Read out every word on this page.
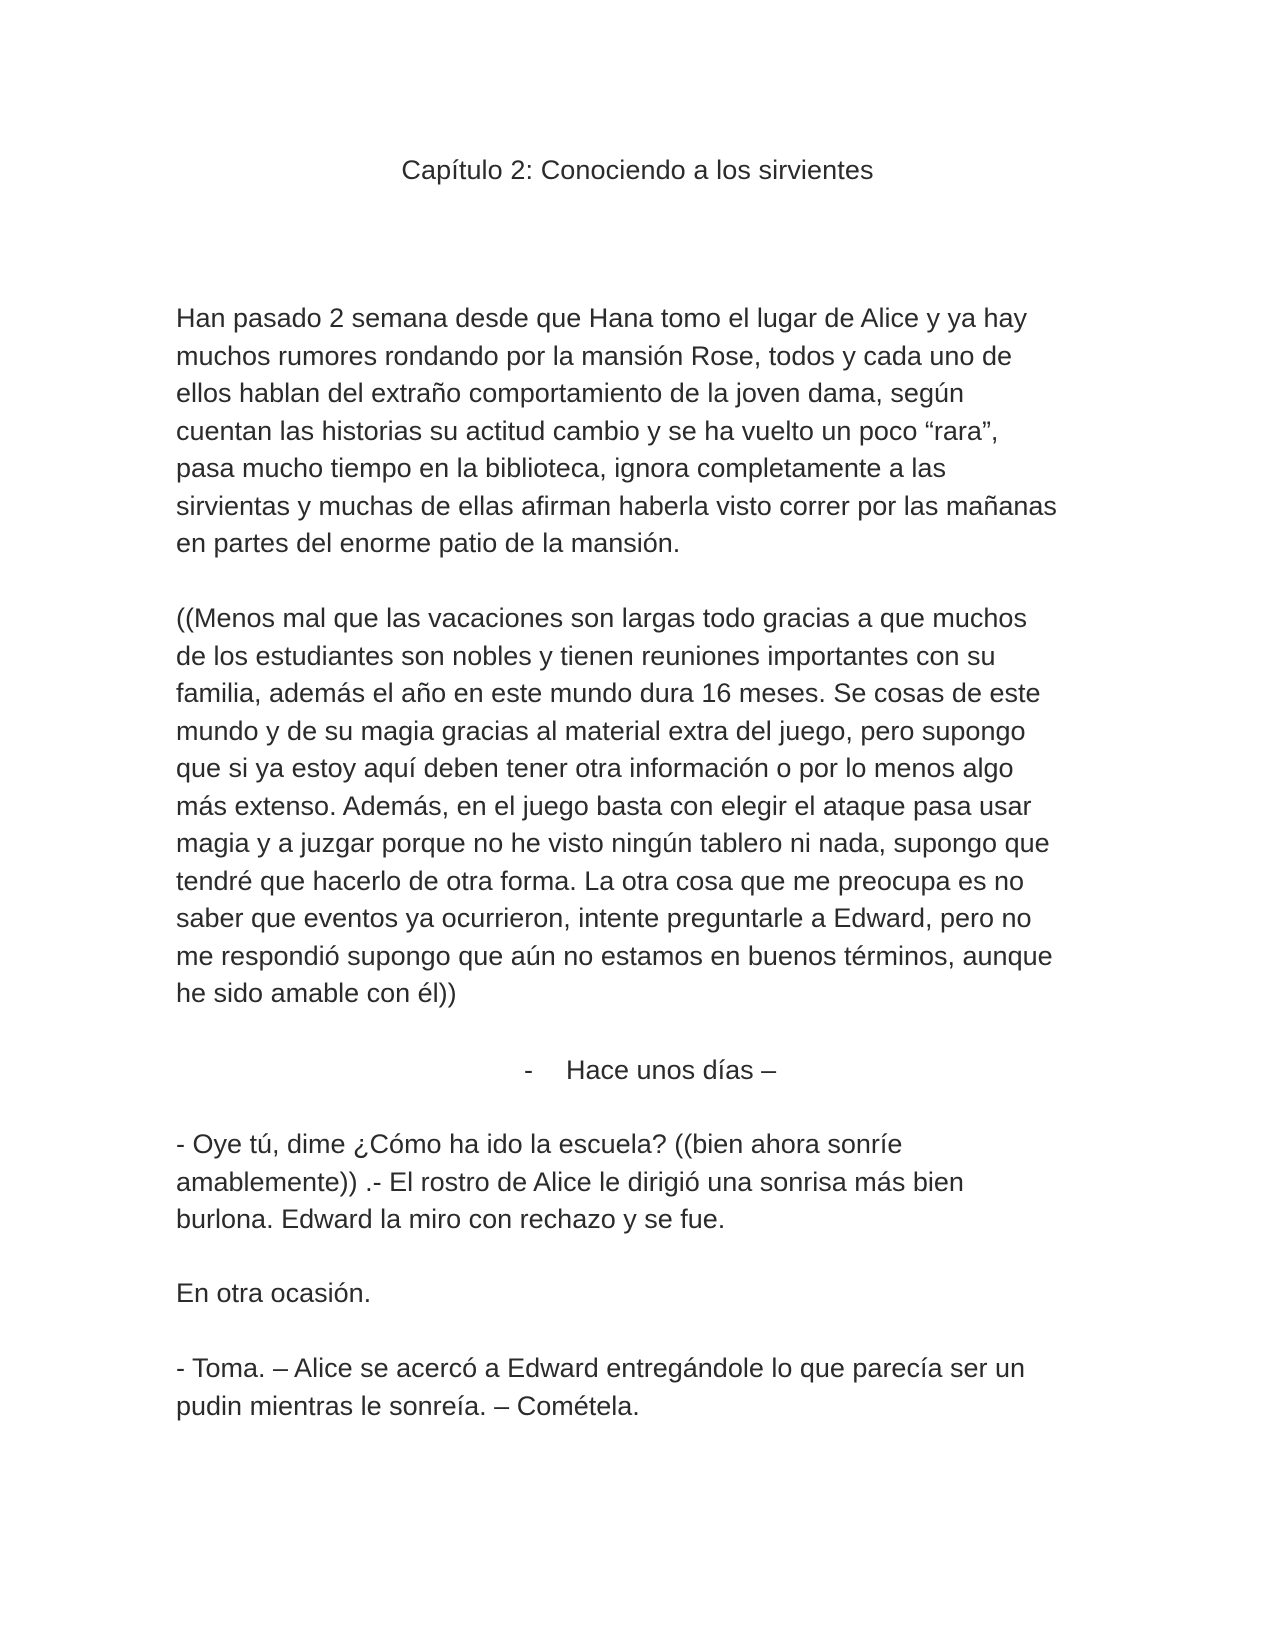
Capítulo 2: Conociendo a los sirvientes

Han pasado 2 semana desde que Hana tomo el lugar de Alice y ya hay
muchos rumores rondando por la mansión Rose, todos y cada uno de
ellos hablan del extraño comportamiento de la joven dama, según
cuentan las historias su actitud cambio y se ha vuelto un poco “rara”,
pasa mucho tiempo en la biblioteca, ignora completamente a las
sirvientas y muchas de ellas afirman haberla visto correr por las mañanas
en partes del enorme patio de la mansión.

((Menos mal que las vacaciones son largas todo gracias a que muchos
de los estudiantes son nobles y tienen reuniones importantes con su
familia, además el año en este mundo dura 16 meses. Se cosas de este
mundo y de su magia gracias al material extra del juego, pero supongo
que si ya estoy aquí deben tener otra información o por lo menos algo
más extenso. Además, en el juego basta con elegir el ataque pasa usar
magia y a juzgar porque no he visto ningún tablero ni nada, supongo que
tendré que hacerlo de otra forma. La otra cosa que me preocupa es no
saber que eventos ya ocurrieron, intente preguntarle a Edward, pero no
me respondió supongo que aún no estamos en buenos términos, aunque
he sido amable con él))

- Hace unos días –

- Oye tú, dime ¿Cómo ha ido la escuela? ((bien ahora sonríe
amablemente)) .- El rostro de Alice le dirigió una sonrisa más bien
burlona. Edward la miro con rechazo y se fue.

En otra ocasión.

- Toma. – Alice se acercó a Edward entregándole lo que parecía ser un
pudin mientras le sonreía. – Cométela.
